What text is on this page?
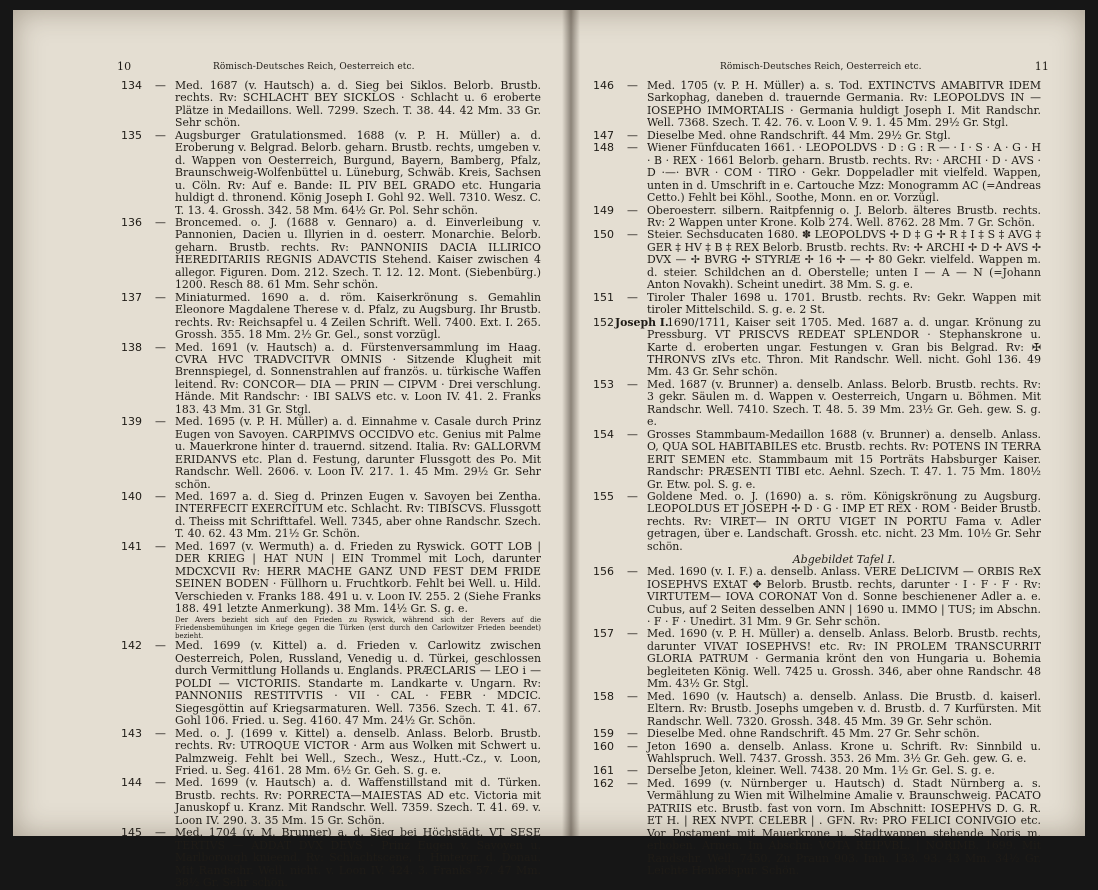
10	Römisch-Deutsches Reich, Oesterreich etc.

134 — Med. 1687 (v. Hautsch) a. d. Sieg bei Siklos. Belorb. Brustb. rechts. Rv: SCHLACHT BEY SICKLOS · Schlacht u. 6 eroberte Plätze in Medaillons. Well. 7299. Szech. T. 38. 44. 42 Mm. 33 Gr. Sehr schön.

135 — Augsburger Gratulationsmed. 1688 (v. P. H. Müller) a. d. Eroberung v. Belgrad. Belorb. geharn. Brustb. rechts, umgeben v. d. Wappen von Oesterreich, Burgund, Bayern, Bamberg, Pfalz, Braunschweig-Wolfenbüttel u. Lüneburg, Schwäb. Kreis, Sachsen u. Cöln. Rv: Auf e. Bande: IL PIV BEL GRADO etc. Hungaria huldigt d. thronend. König Joseph I. Gohl 92. Well. 7310. Wesz. C. T. 13. 4. Grossh. 342. 58 Mm. 64½ Gr. Pol. Sehr schön.

136 — Broncemed. o. J. (1688 v. Gennaro) a. d. Einverleibung v. Pannonien, Dacien u. Illyrien in d. oesterr. Monarchie. Belorb. geharn. Brustb. rechts. Rv: PANNONIIS DACIA ILLIRICO HEREDITARIIS REGNIS ADAVCTIS Stehend. Kaiser zwischen 4 allegor. Figuren. Dom. 212. Szech. T. 12. 12. Mont. (Siebenbürg.) 1200. Resch 88. 61 Mm. Sehr schön.

137 — Miniaturmed. 1690 a. d. röm. Kaiserkrönung s. Gemahlin Eleonore Magdalene Therese v. d. Pfalz, zu Augsburg. Ihr Brustb. rechts. Rv: Reichsapfel u. 4 Zeilen Schrift. Well. 7400. Ext. I. 265. Grossh. 355. 18 Mm. 2½ Gr. Gel., sonst vorzügl.

138 — Med. 1691 (v. Hautsch) a. d. Fürstenversammlung im Haag. CVRA HVC TRADVCITVR OMNIS · Sitzende Klugheit mit Brennspiegel, d. Sonnenstrahlen auf französ. u. türkische Waffen leitend. Rv: CONCOR— DIA — PRIN — CIPVM · Drei verschlung. Hände. Mit Randschr: · IBI SALVS etc. v. Loon IV. 41. 2. Franks 183. 43 Mm. 31 Gr. Stgl.

139 — Med. 1695 (v. P. H. Müller) a. d. Einnahme v. Casale durch Prinz Eugen von Savoyen. CARPIMVS OCCIDVO etc. Genius mit Palme u. Mauerkrone hinter d. trauernd. sitzend. Italia. Rv: GALLORVM ERIDANVS etc. Plan d. Festung, darunter Flussgott des Po. Mit Randschr. Well. 2606. v. Loon IV. 217. 1. 45 Mm. 29½ Gr. Sehr schön.

140 — Med. 1697 a. d. Sieg d. Prinzen Eugen v. Savoyen bei Zentha. INTERFECIT EXERCITUM etc. Schlacht. Rv: TIBISCVS. Flussgott d. Theiss mit Schrifttafel. Well. 7345, aber ohne Randschr. Szech. T. 40. 62. 43 Mm. 21½ Gr. Schön.

141 — Med. 1697 (v. Wermuth) a. d. Frieden zu Ryswick. GOTT LOB | DER KRIEG | HAT NUN | EIN Trommel mit Loch, darunter MDCXCVII Rv: HERR MACHE GANZ UND FEST DEM FRIDE SEINEN BODEN · Füllhorn u. Fruchtkorb. Fehlt bei Well. u. Hild. Verschieden v. Franks 188. 491 u. v. Loon IV. 255. 2 (Siehe Franks 188. 491 letzte Anmerkung). 38 Mm. 14½ Gr. S. g. e.
Der Avers bezieht sich auf den Frieden zu Ryswick, während sich der Revers auf die Friedensbemühungen im Kriege gegen die Türken (erst durch den Carlowitzer Frieden beendet) bezieht.

142 — Med. 1699 (v. Kittel) a. d. Frieden v. Carlowitz zwischen Oesterreich, Polen, Russland, Venedig u. d. Türkei, geschlossen durch Vermittlung Hollands u. Englands. PRÆCLARIS — LEO ⅰ — POLDI — VICTORIIS. Standarte m. Landkarte v. Ungarn. Rv: PANNONIIS RESTITVTIS · VII · CAL · FEBR · MDCIC. Siegesgöttin auf Kriegsarmaturen. Well. 7356. Szech. T. 41. 67. Gohl 106. Fried. u. Seg. 4160. 47 Mm. 24½ Gr. Schön.

143 — Med. o. J. (1699 v. Kittel) a. denselb. Anlass. Belorb. Brustb. rechts. Rv: UTROQUE VICTOR · Arm aus Wolken mit Schwert u. Palmzweig. Fehlt bei Well., Szech., Wesz., Hutt.-Cz., v. Loon, Fried. u. Seg. 4161. 28 Mm. 6½ Gr. Geh. S. g. e.

144 — Med. 1699 (v. Hautsch) a. d. Waffenstillstand mit d. Türken. Brustb. rechts. Rv: PORRECTA—MAIESTAS AD etc. Victoria mit Januskopf u. Kranz. Mit Randschr. Well. 7359. Szech. T. 41. 69. v. Loon IV. 290. 3. 35 Mm. 15 Gr. Schön.

145 — Med. 1704 (v. M. Brunner) a. d. Sieg bei Höchstädt. VT SESE TERTIVS — ADDAT DVX DEVS · Prinz Eugen v. Savoyen u. Marlborough knieend. Rv: Schlachtscene, i. Hintergr. d. Donau. Mit Randschr. Well. nicht. v. Loon IV. 424. 3. Franks 57. 47 Mm. 38½ Gr. Sehr schön.

Römisch-Deutsches Reich, Oesterreich etc.	11

146 — Med. 1705 (v. P. H. Müller) a. s. Tod. EXTINCTVS AMABITVR IDEM Sarkophag, daneben d. trauernde Germania. Rv: LEOPOLDVS IN — IOSEPHO IMMORTALIS · Germania huldigt Joseph I. Mit Randschr. Well. 7368. Szech. T. 42. 76. v. Loon V. 9. 1. 45 Mm. 29½ Gr. Stgl.

147 — Dieselbe Med. ohne Randschrift. 44 Mm. 29½ Gr. Stgl.

148 — Wiener Fünfducaten 1661. · LEOPOLDVS · D : G : R — · I · S · A · G · H · B · REX · 1661 Belorb. geharn. Brustb. rechts. Rv: · ARCHI · D · AVS · D ·—· BVR · COM · TIRO · Gekr. Doppeladler mit vielfeld. Wappen, unten in d. Umschrift in e. Cartouche Mzz: Monogramm AC (=Andreas Cetto.) Fehlt bei Köhl., Soothe, Monn. en or. Vorzügl.

149 — Oberoesterr. silbern. Raitpfennig o. J. Belorb. älteres Brustb. rechts. Rv: 2 Wappen unter Krone. Kolb 274. Well. 8762. 28 Mm. 7 Gr. Schön.

150 — Steier. Sechsducaten 1680. ✽ LEOPOLDVS ✢ D ‡ G ✢ R ‡ I ‡ S ‡ AVG ‡ GER ‡ HV ‡ B ‡ REX Belorb. Brustb. rechts. Rv: ✢ ARCHI ✢ D ✢ AVS ✢ DVX — ✢ BVRG ✢ STYRIÆ ✢ 16 ✢ — ✢ 80 Gekr. vielfeld. Wappen m. d. steier. Schildchen an d. Oberstelle; unten I — A — N (=Johann Anton Novakh). Scheint unedirt. 38 Mm. S. g. e.

151 — Tiroler Thaler 1698 u. 1701. Brustb. rechts. Rv: Gekr. Wappen mit tiroler Mittelschild. S. g. e. 2 St.

152 Joseph I.
1690/1711, Kaiser seit 1705. Med. 1687 a. d. ungar. Krönung zu Pressburg. VT PRISCVS REDEAT SPLENDOR · Stephanskrone u. Karte d. eroberten ungar. Festungen v. Gran bis Belgrad. Rv: ✠ THRONVS zIVs etc. Thron. Mit Randschr. Well. nicht. Gohl 136. 49 Mm. 43 Gr. Sehr schön.

153 — Med. 1687 (v. Brunner) a. denselb. Anlass. Belorb. Brustb. rechts. Rv: 3 gekr. Säulen m. d. Wappen v. Oesterreich, Ungarn u. Böhmen. Mit Randschr. Well. 7410. Szech. T. 48. 5. 39 Mm. 23½ Gr. Geh. gew. S. g. e.

154 — Grosses Stammbaum-Medaillon 1688 (v. Brunner) a. denselb. Anlass. O, QUA SOL HABITABILES etc. Brustb. rechts. Rv: POTENS IN TERRA ERIT SEMEN etc. Stammbaum mit 15 Porträts Habsburger Kaiser. Randschr: PRÆSENTI TIBI etc. Aehnl. Szech. T. 47. 1. 75 Mm. 180½ Gr. Etw. pol. S. g. e.

155 — Goldene Med. o. J. (1690) a. s. röm. Königskrönung zu Augsburg. LEOPOLDUS ET JOSEPH ✢ D · G · IMP ET REX · ROM · Beider Brustb. rechts. Rv: VIRET— IN ORTU VIGET IN PORTU Fama v. Adler getragen, über e. Landschaft. Grossh. etc. nicht. 23 Mm. 10½ Gr. Sehr schön.

Abgebildet Tafel I.

156 — Med. 1690 (v. I. F.) a. denselb. Anlass. VERE DeLICIVM — ORBIS ReX IOSEPHVS EXtAT ✥ Belorb. Brustb. rechts, darunter · I · F · F · Rv: VIRTUTEM— IOVA CORONAT Von d. Sonne beschienener Adler a. e. Cubus, auf 2 Seiten desselben ANN | 1690 u. IMMO | TUS; im Abschn. · F · F · Unedirt. 31 Mm. 9 Gr. Sehr schön.

157 — Med. 1690 (v. P. H. Müller) a. denselb. Anlass. Belorb. Brustb. rechts, darunter VIVAT IOSEPHVS! etc. Rv: IN PROLEM TRANSCURRIT GLORIA PATRUM · Germania krönt den von Hungaria u. Bohemia begleiteten König. Well. 7425 u. Grossh. 346, aber ohne Randschr. 48 Mm. 43½ Gr. Stgl.

158 — Med. 1690 (v. Hautsch) a. denselb. Anlass. Die Brustb. d. kaiserl. Eltern. Rv: Brustb. Josephs umgeben v. d. Brustb. d. 7 Kurfürsten. Mit Randschr. Well. 7320. Grossh. 348. 45 Mm. 39 Gr. Sehr schön.

159 — Dieselbe Med. ohne Randschrift. 45 Mm. 27 Gr. Sehr schön.

160 — Jeton 1690 a. denselb. Anlass. Krone u. Schrift. Rv: Sinnbild u. Wahlspruch. Well. 7437. Grossh. 353. 26 Mm. 3½ Gr. Geh. gew. G. e.

161 — Derselbe Jeton, kleiner. Well. 7438. 20 Mm. 1½ Gr. Gel. S. g. e.

162 — Med. 1699 (v. Nürnberger u. Hautsch) d. Stadt Nürnberg a. s. Vermählung zu Wien mit Wilhelmine Amalie v. Braunschweig. PACATO PATRIIS etc. Brustb. fast von vorn. Im Abschnitt: IOSEPHVS D. G. R. ET H. | REX NVPT. CELEBR | . GFN. Rv: PRO FELICI CONIVGIO etc. Vor Postament mit Mauerkrone u. Stadtwappen stehende Noris m. erhoben. Armen. Im Abschn: VOTA REIPVBL. | NORIMB. 1699. Mit Randschr. Well. 7450. Zu Praun 903. Imh. 133. 93. 43 Mm. 34½ Gr. Leichte Henkelspur. Schön.
